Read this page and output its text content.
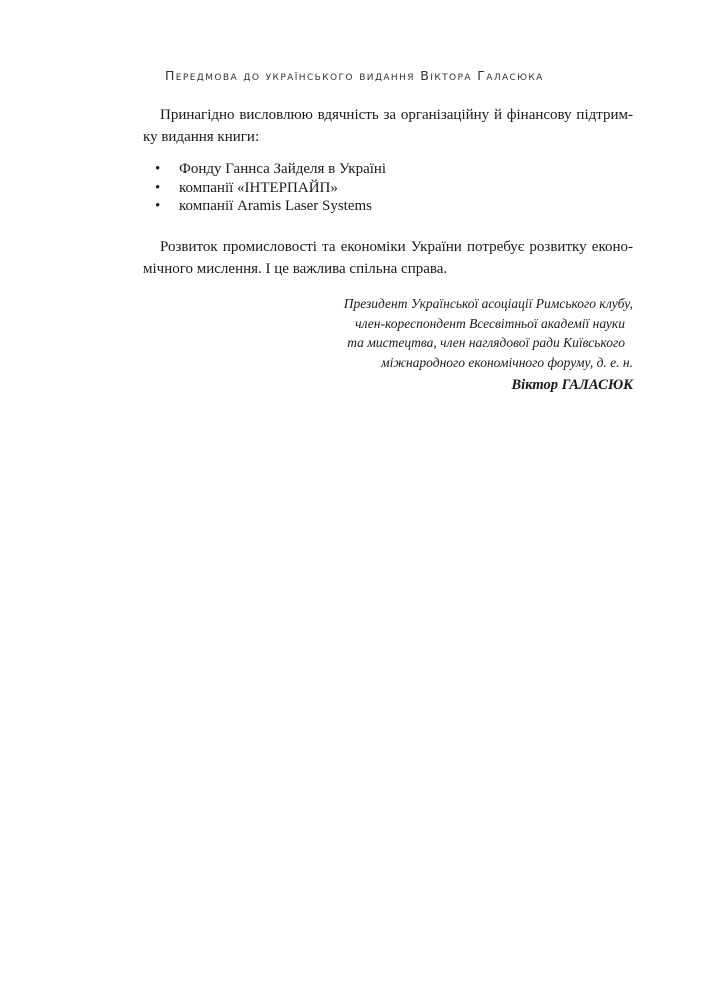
Передмова до українського видання Віктора Галасюка
Принагідно висловлюю вдячність за організаційну й фінансову підтрим-
ку видання книги:
• Фонду Ганнса Зайделя в Україні
• компанії «ІНТЕРПАЙП»
• компанії Aramis Laser Systems
Розвиток промисловості та економіки України потребує розвитку еконо-
мічного мислення. І це важлива спільна справа.
Президент Української асоціації Римського клубу,
член-кореспондент Всесвітньої академії науки
та мистецтва, член наглядової ради Київського
міжнародного економічного форуму, д. е. н.
Віктор ГАЛАСЮК
